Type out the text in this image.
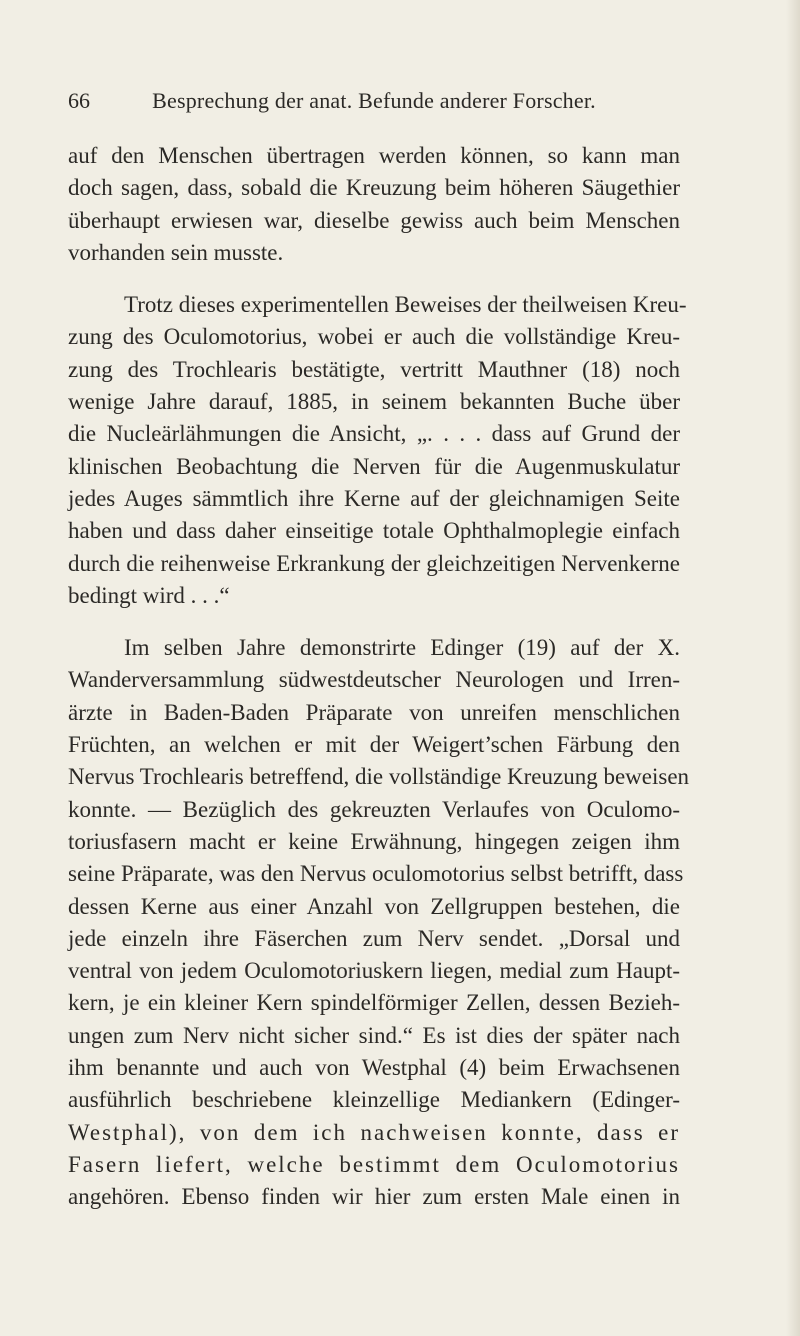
66	Besprechung der anat. Befunde anderer Forscher.

auf den Menschen übertragen werden können, so kann man
doch sagen, dass, sobald die Kreuzung beim höheren Säugethier
überhaupt erwiesen war, dieselbe gewiss auch beim Menschen
vorhanden sein musste.

Trotz dieses experimentellen Beweises der theilweisen Kreu-
zung des Oculomotorius, wobei er auch die vollständige Kreu-
zung des Trochlearis bestätigte, vertritt Mauthner (18) noch
wenige Jahre darauf, 1885, in seinem bekannten Buche über
die Nucleärlähmungen die Ansicht, „. . . . dass auf Grund der
klinischen Beobachtung die Nerven für die Augenmuskulatur
jedes Auges sämmtlich ihre Kerne auf der gleichnamigen Seite
haben und dass daher einseitige totale Ophthalmoplegie einfach
durch die reihenweise Erkrankung der gleichzeitigen Nervenkerne
bedingt wird . . .“

Im selben Jahre demonstrirte Edinger (19) auf der X.
Wanderversammlung südwestdeutscher Neurologen und Irren-
ärzte in Baden-Baden Präparate von unreifen menschlichen
Früchten, an welchen er mit der Weigert’schen Färbung den
Nervus Trochlearis betreffend, die vollständige Kreuzung beweisen
konnte. — Bezüglich des gekreuzten Verlaufes von Oculomo-
toriusfasern macht er keine Erwähnung, hingegen zeigen ihm
seine Präparate, was den Nervus oculomotorius selbst betrifft, dass
dessen Kerne aus einer Anzahl von Zellgruppen bestehen, die
jede einzeln ihre Fäserchen zum Nerv sendet. „Dorsal und
ventral von jedem Oculomotoriuskern liegen, medial zum Haupt-
kern, je ein kleiner Kern spindelförmiger Zellen, dessen Bezieh-
ungen zum Nerv nicht sicher sind.“ Es ist dies der später nach
ihm benannte und auch von Westphal (4) beim Erwachsenen
ausführlich beschriebene kleinzellige Mediankern (Edinger-
Westphal), von dem ich nachweisen konnte, dass er
Fasern liefert, welche bestimmt dem Oculomotorius
angehören. Ebenso finden wir hier zum ersten Male einen in
